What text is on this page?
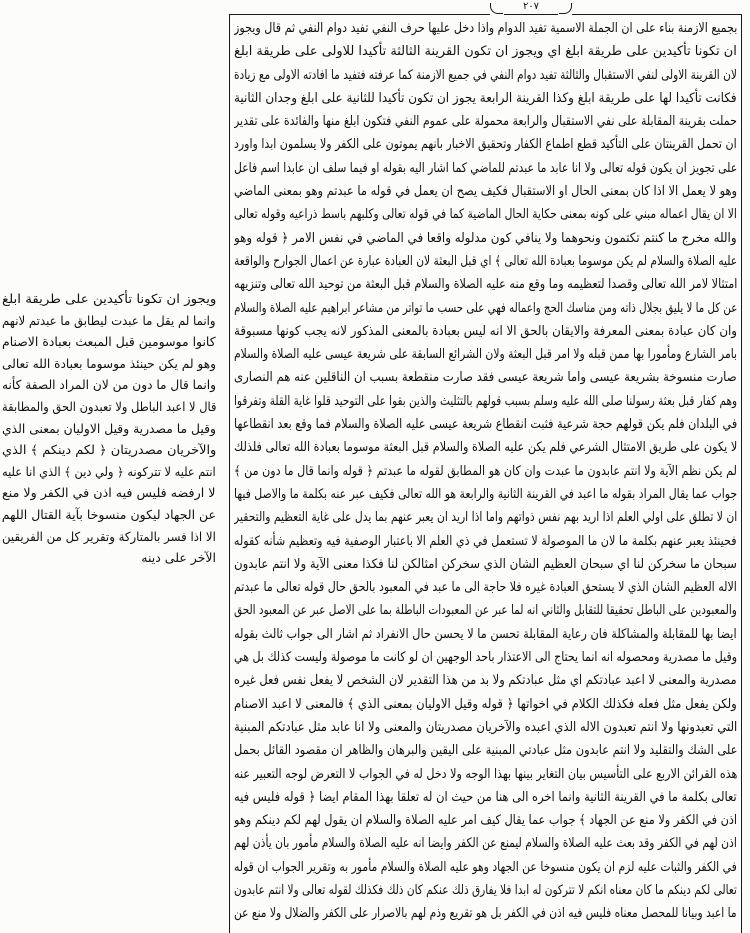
٢٠٧
بجميع الازمنة بناء على ان الجملة الاسمية تفيد الدوام واذا دخل عليها حرف النفي تفيد دوام النفي ثم قال ويجوز
ان تكونا تأكيدين على طريقة ابلغ اي ويجوز ان تكون القرينة الثالثة تأكيدا للاولى على طريقة ابلغ
لان القرينة الاولى لنفي الاستقبال والثالثة تفيد دوام النفي في جميع الازمنة كما عرفته فتفيد ما افادته الاولى مع زيادة
فكانت تأكيدا لها على طريقة ابلغ وكذا القرينة الرابعة يجوز ان تكون تأكيدا للثانية على ابلغ وجدان الثانية
حملت بقرينة المقابلة على نفي الاستقبال والرابعة محمولة على عموم النفي فتكون ابلغ منها والفائدة على تقدير
ان تحمل القرينتان على التأكيد قطع اطماع الكفار وتحقيق الاخبار بانهم يموتون على الكفر ولا يسلمون ابدا واورد
على تجويز ان يكون قوله تعالى ولا انا عابد ما عبدتم للماضي كما اشار اليه بقوله او فيما سلف ان عابدا اسم فاعل
وهو لا يعمل الا اذا كان بمعنى الحال او الاستقبال فكيف يصح ان يعمل في قوله ما عبدتم وهو بمعنى الماضي
الا ان يقال اعماله مبني على كونه بمعنى حكاية الحال الماضية كما في قوله تعالى وكلبهم باسط ذراعيه وقوله تعالى
والله مخرج ما كنتم تكتمون ونحوهما ولا ينافي كون مدلوله واقعا في الماضي في نفس الامر ﴿ قوله وهو
عليه الصلاة والسلام لم يكن موسوما بعبادة الله تعالى ﴾ اي قبل البعثة لان العبادة عبارة عن اعمال الجوارح والواقعة
امتثالا لامر الله تعالى وقصدا لتعظيمه وما وقع منه عليه الصلاة والسلام قبل البعثة من توحيد الله تعالى وتنزيهه
عن كل ما لا يليق بجلال ذاته ومن مناسك الحج واعماله فهي على حسب ما تواتر من مشاعر ابراهيم عليه الصلاة والسلام
وان كان عبادة بمعنى المعرفة والايقان بالحق الا انه ليس بعبادة بالمعنى المذكور لانه يجب كونها مسبوقة
بامر الشارع ومأمورا بها ممن قبله ولا امر قبل البعثة ولان الشرائع السابقة على شريعة عيسى عليه الصلاة والسلام
صارت منسوخة بشريعة عيسى واما شريعة عيسى فقد صارت منقطعة بسبب ان الناقلين عنه هم النصارى
وهم كفار قبل بعثة رسولنا صلى الله عليه وسلم بسبب قولهم بالتثليث والذين بقوا على التوحيد قلوا غاية القلة وتفرقوا
في البلدان فلم يكن قولهم حجة شرعية فثبت انقطاع شريعة عيسى عليه الصلاة والسلام فما وقع بعد انقطاعها
لا يكون على طريق الامتثال الشرعي فلم يكن عليه الصلاة والسلام قبل البعثة موسوما بعبادة الله تعالى فلذلك
لم يكن نظم الآية ولا انتم عابدون ما عبدت وان كان هو المطابق لقوله ما عبدتم ﴿ قوله وانما قال ما دون من ﴾
جواب عما يقال المراد بقوله ما اعبد في القرينة الثانية والرابعة هو الله تعالى فكيف عبر عنه بكلمة ما والاصل فيها
ان لا تطلق على اولي العلم اذا اريد بهم نفس ذواتهم واما اذا اريد ان يعبر عنهم بما يدل على غاية التعظيم والتحقير
فحينئذ يعبر عنهم بكلمة ما لان ما الموصولة لا تستعمل في ذي العلم الا باعتبار الوصفية فيه وتعظيم شأنه كقوله
سبحان ما سخركن لنا اي سبحان العظيم الشان الذي سخركن امثالكن لنا فكذا معنى الآية ولا انتم عابدون
الاله العظيم الشان الذي لا يستحق العبادة غيره فلا حاجة الى ما عبد في المعبود بالحق حال قوله تعالى ما عبدتم
والمعبودين على الباطل تحقيقا للتقابل والثاني انه لما عبر عن المعبودات الباطلة بما على الاصل عبر عن المعبود الحق
ايضا بها للمقابلة والمشاكلة فان رعاية المقابلة تحسن ما لا يحسن حال الانفراد ثم اشار الى جواب ثالث بقوله
وقيل ما مصدرية ومحصوله انه انما يحتاج الى الاعتذار باحد الوجهين ان لو كانت ما موصولة وليست كذلك بل هي
مصدرية والمعنى لا اعبد عبادتكم اي مثل عبادتكم ولا بد من هذا التقدير لان الشخص لا يفعل نفس فعل غيره
ولكن يفعل مثل فعله فكذلك الكلام في اخواتها ﴿ قوله وقيل الاوليان بمعنى الذي ﴾ فالمعنى لا اعبد الاصنام
التي تعبدونها ولا انتم تعبدون الاله الذي اعبده والآخريان مصدريتان والمعنى ولا انا عابد مثل عبادتكم المبنية
على الشك والتقليد ولا انتم عابدون مثل عبادتي المبنية على اليقين والبرهان والظاهر ان مقصود القائل بحمل
هذه القرائن الاربع على التأسيس بيان التغاير بينها بهذا الوجه ولا دخل له في الجواب لا التعرض لوجه التعبير عنه
تعالى بكلمة ما في القرينة الثانية وانما اخره الى هنا من حيث ان له تعلقا بهذا المقام ايضا ﴿ قوله فليس فيه
اذن في الكفر ولا منع عن الجهاد ﴾ جواب عما يقال كيف امر عليه الصلاة والسلام ان يقول لهم لكم دينكم وهو
اذن لهم في الكفر وقد بعث عليه الصلاة والسلام ليمنع عن الكفر وايضا انه عليه الصلاة والسلام مأمور بان يأذن لهم
في الكفر والثبات عليه لزم ان يكون منسوخا عن الجهاد وهو عليه الصلاة والسلام مأمور به وتقرير الجواب ان قوله
تعالى لكم دينكم ما كان معناه انكم لا تتركون له ابدا فلا يفارق ذلك عنكم كان ذلك فكذلك لقوله تعالى ولا انتم عابدون
ما اعبد وبيانا للمحصل معناه فليس فيه اذن في الكفر بل هو تقريع وذم لهم بالاصرار على الكفر والضلال ولا منع عن
ويجوز ان تكونا تأكيدين على طريقة ابلغ
وانما لم يقل ما عبدت ليطابق ما عبدتم لانهم
كانوا موسومين قبل المبعث بعبادة الاصنام
وهو لم يكن حينئذ موسوما بعبادة الله تعالى
وانما قال ما دون من لان المراد الصفة كأنه
قال لا اعبد الباطل ولا تعبدون الحق والمطابقة
وقيل ما مصدرية وقيل الاوليان بمعنى الذي
والآخريان مصدريتان ﴿ لكم دينكم ﴾ الذي
انتم عليه لا تتركونه ﴿ ولي دين ﴾ الذي انا عليه
لا ارفضه فليس فيه اذن في الكفر ولا منع
عن الجهاد ليكون منسوخا بآية القتال اللهم
الا اذا فسر بالمتاركة وتقرير كل من الفريقين
الآخر على دينه
